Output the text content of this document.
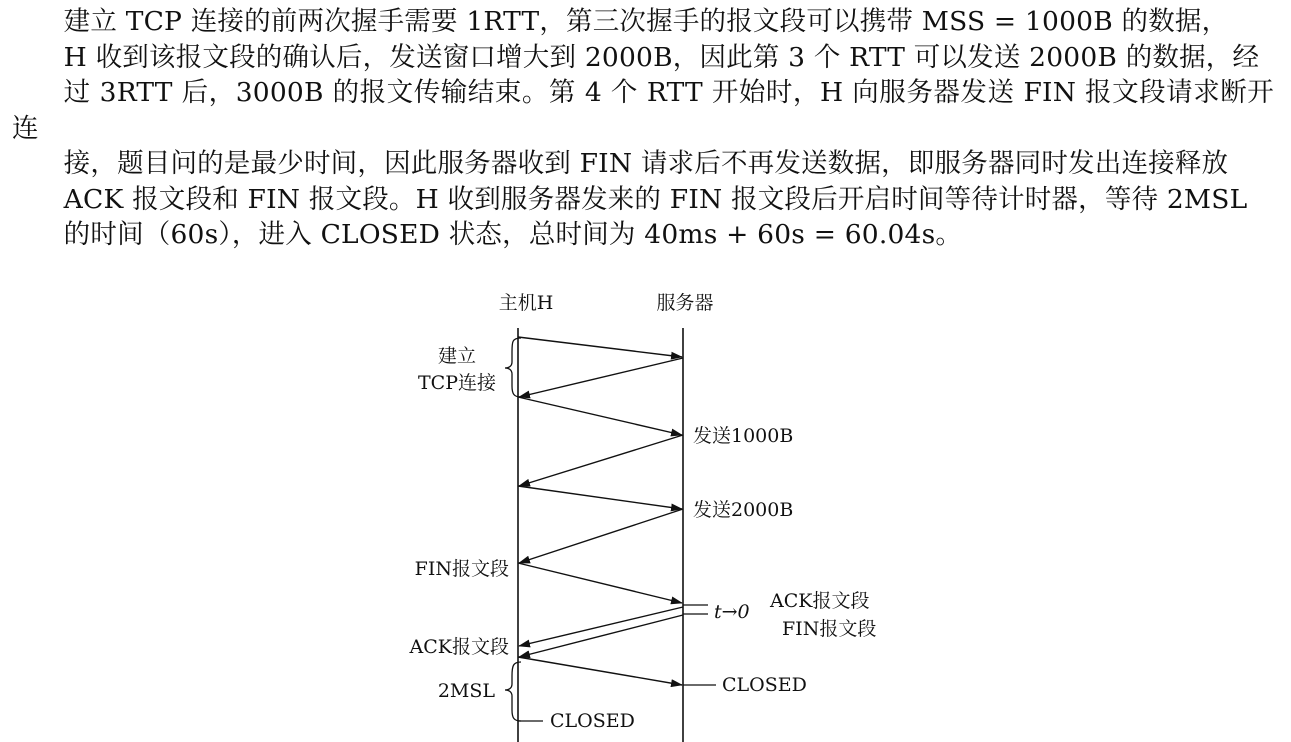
建立 TCP 连接的前两次握手需要 1RTT，第三次握手的报文段可以携带 MSS = 1000B 的数据，
H 收到该报文段的确认后，发送窗口增大到 2000B，因此第 3 个 RTT 可以发送 2000B 的数据，经
过 3RTT 后，3000B 的报文传输结束。第 4 个 RTT 开始时，H 向服务器发送 FIN 报文段请求断开连
接，题目问的是最少时间，因此服务器收到 FIN 请求后不再发送数据，即服务器同时发出连接释放
ACK 报文段和 FIN 报文段。H 收到服务器发来的 FIN 报文段后开启时间等待计时器，等待 2MSL
的时间（60s），进入 CLOSED 状态，总时间为 40ms + 60s = 60.04s。
主机H	服务器
建立
TCP连接
发送1000B
发送2000B
t→0 ACK报文段
FIN报文段
FIN报文段
ACK报文段
2MSL	CLOSED
CLOSED
